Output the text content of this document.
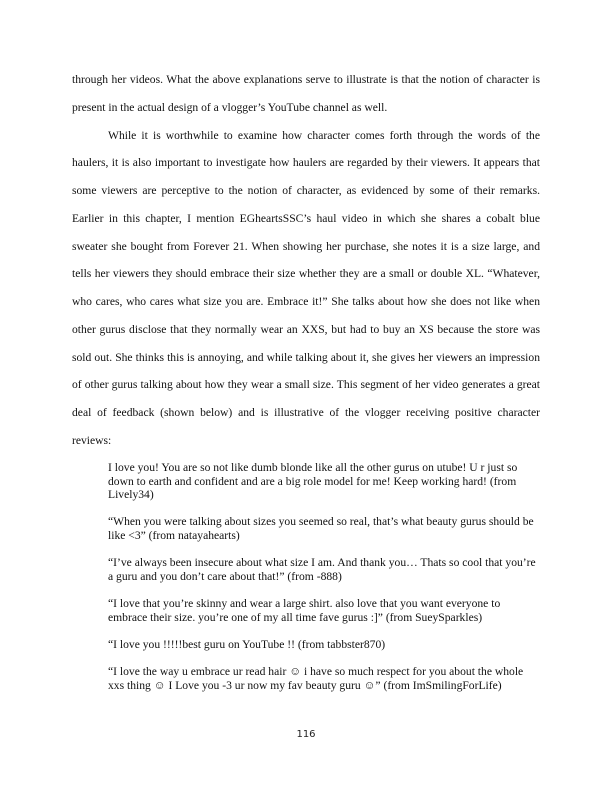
through her videos. What the above explanations serve to illustrate is that the notion of character is present in the actual design of a vlogger’s YouTube channel as well.

While it is worthwhile to examine how character comes forth through the words of the haulers, it is also important to investigate how haulers are regarded by their viewers. It appears that some viewers are perceptive to the notion of character, as evidenced by some of their remarks. Earlier in this chapter, I mention EGheartsSSC’s haul video in which she shares a cobalt blue sweater she bought from Forever 21. When showing her purchase, she notes it is a size large, and tells her viewers they should embrace their size whether they are a small or double XL. “Whatever, who cares, who cares what size you are. Embrace it!” She talks about how she does not like when other gurus disclose that they normally wear an XXS, but had to buy an XS because the store was sold out. She thinks this is annoying, and while talking about it, she gives her viewers an impression of other gurus talking about how they wear a small size. This segment of her video generates a great deal of feedback (shown below) and is illustrative of the vlogger receiving positive character reviews:

I love you! You are so not like dumb blonde like all the other gurus on utube! U r just so down to earth and confident and are a big role model for me! Keep working hard! (from Lively34)

“When you were talking about sizes you seemed so real, that’s what beauty gurus should be like <3” (from natayahearts)

“I’ve always been insecure about what size I am. And thank you… Thats so cool that you’re a guru and you don’t care about that!” (from -888)

“I love that you’re skinny and wear a large shirt. also love that you want everyone to embrace their size. you’re one of my all time fave gurus :]” (from SueySparkles)

“I love you !!!!!best guru on YouTube !! (from tabbster870)

“I love the way u embrace ur read hair ☺ i have so much respect for you about the whole xxs thing ☺ I Love you -3 ur now my fav beauty guru ☺” (from ImSmilingForLife)

116
